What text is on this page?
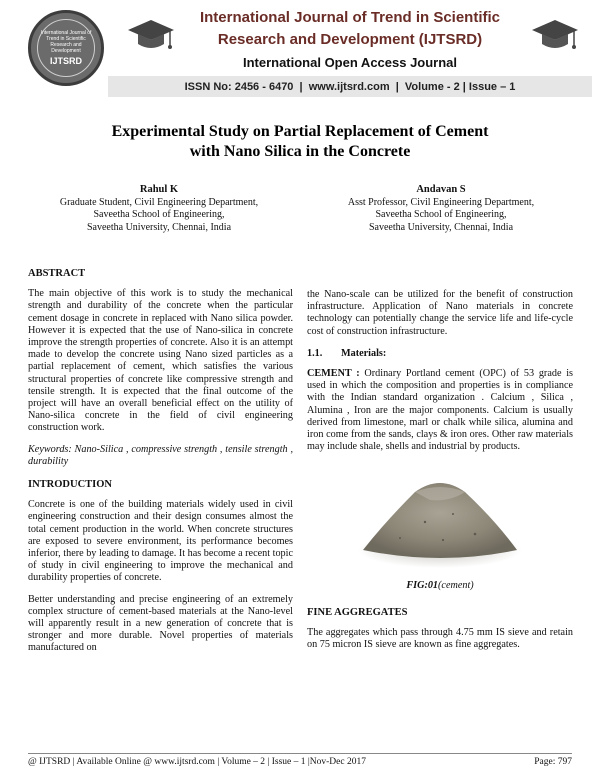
International Journal of Trend in Scientific Research and Development
IJTSRD
International Journal of Trend in Scientific
Research and Development (IJTSRD)
International Open Access Journal
ISSN No: 2456 - 6470  |  www.ijtsrd.com  |  Volume - 2 | Issue – 1
Experimental Study on Partial Replacement of Cement
with Nano Silica in the Concrete
Rahul K
Graduate Student, Civil Engineering Department,
Saveetha School of Engineering,
Saveetha University, Chennai, India
Andavan S
Asst Professor, Civil Engineering Department,
Saveetha School of Engineering,
Saveetha University, Chennai, India
ABSTRACT

The main objective of this work is to study the mechanical strength and durability of the concrete when the particular cement dosage in concrete in replaced with Nano silica powder. However it is expected that the use of Nano-silica in concrete improve the strength properties of concrete. Also it is an attempt made to develop the concrete using Nano sized particles as a partial replacement of cement, which satisfies the various structural properties of concrete like compressive strength and tensile strength. It is expected that the final outcome of the project will have an overall beneficial effect on the utility of Nano-silica concrete in the field of civil engineering construction work.

Keywords: Nano-Silica , compressive strength , tensile strength , durability

INTRODUCTION

Concrete is one of the building materials widely used in civil engineering construction and their design consumes almost the total cement production in the world. When concrete structures are exposed to severe environment, its performance becomes inferior, there by leading to damage. It has become a recent topic of study in civil engineering to improve the mechanical and durability properties of concrete.

Better understanding and precise engineering of an extremely complex structure of cement-based materials at the Nano-level will apparently result in a new generation of concrete that is stronger and more durable. Novel properties of materials manufactured on

the Nano-scale can be utilized for the benefit of construction infrastructure. Application of Nano materials in concrete technology can potentially change the service life and life-cycle cost of construction infrastructure.

1.1. Materials:

CEMENT : Ordinary Portland cement (OPC) of 53 grade is used in which the composition and properties is in compliance with the Indian standard organization . Calcium , Silica , Alumina , Iron are the major components. Calcium is usually derived from limestone, marl or chalk while silica, alumina and iron come from the sands, clays & iron ores. Other raw materials may include shale, shells and industrial by products.

FIG:01(cement)
FINE AGGREGATES

The aggregates which pass through 4.75 mm IS sieve and retain on 75 micron IS sieve are known as fine aggregates.

@ IJTSRD | Available Online @ www.ijtsrd.com | Volume – 2 | Issue – 1 |Nov-Dec 2017	Page: 797
